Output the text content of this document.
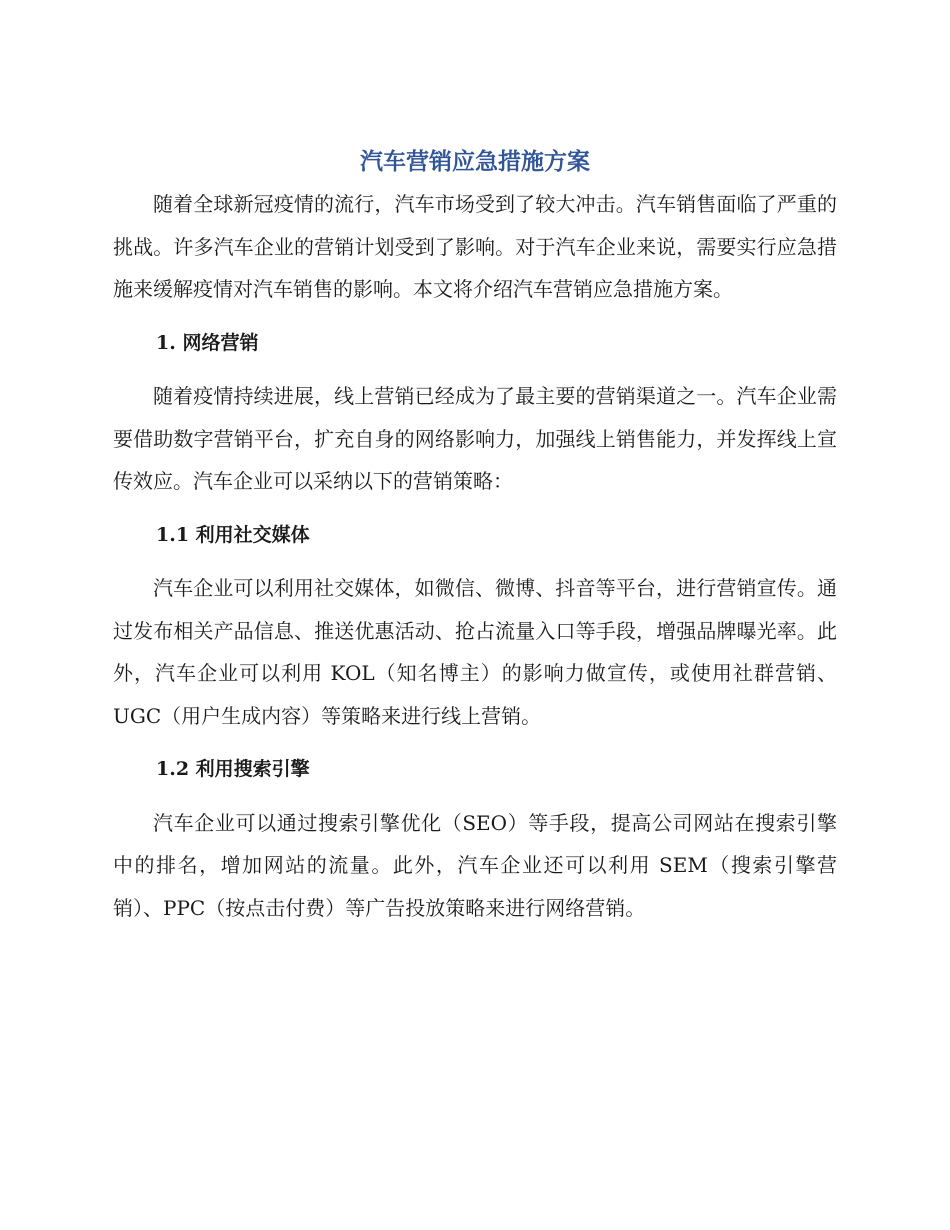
汽车营销应急措施方案

随着全球新冠疫情的流行，汽车市场受到了较大冲击。汽车销售面临了严重的挑战。许多汽车企业的营销计划受到了影响。对于汽车企业来说，需要实行应急措施来缓解疫情对汽车销售的影响。本文将介绍汽车营销应急措施方案。

1. 网络营销

随着疫情持续进展，线上营销已经成为了最主要的营销渠道之一。汽车企业需要借助数字营销平台，扩充自身的网络影响力，加强线上销售能力，并发挥线上宣传效应。汽车企业可以采纳以下的营销策略：

1.1 利用社交媒体

汽车企业可以利用社交媒体，如微信、微博、抖音等平台，进行营销宣传。通过发布相关产品信息、推送优惠活动、抢占流量入口等手段，增强品牌曝光率。此外，汽车企业可以利用 KOL（知名博主）的影响力做宣传，或使用社群营销、UGC（用户生成内容）等策略来进行线上营销。

1.2 利用搜索引擎

汽车企业可以通过搜索引擎优化（SEO）等手段，提高公司网站在搜索引擎中的排名，增加网站的流量。此外，汽车企业还可以利用 SEM（搜索引擎营销）、PPC（按点击付费）等广告投放策略来进行网络营销。
